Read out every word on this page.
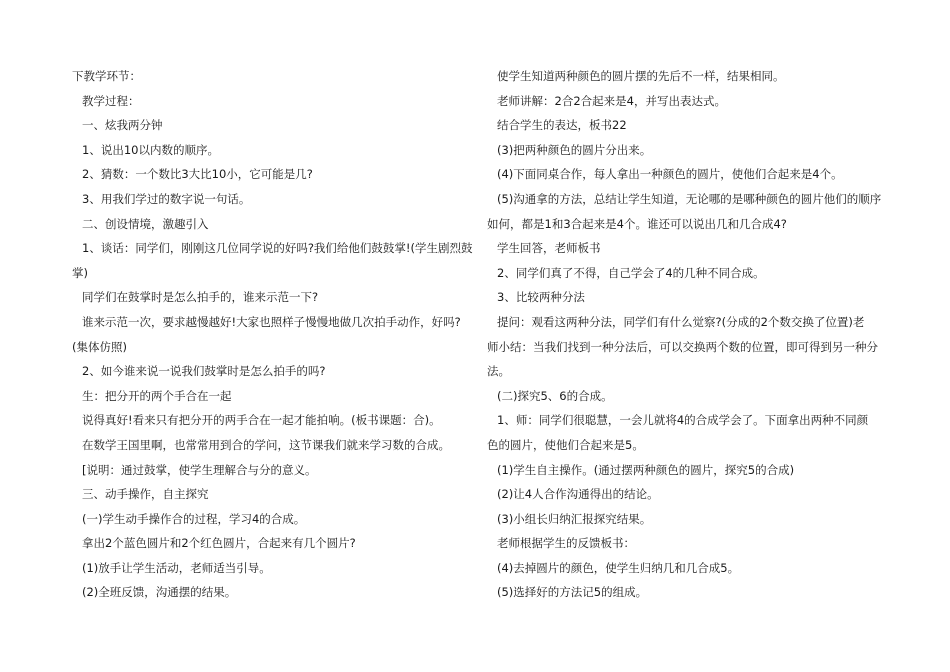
下教学环节：
教学过程：
一、炫我两分钟
1、说出10以内数的顺序。
2、猜数：一个数比3大比10小，它可能是几?
3、用我们学过的数字说一句话。
二、创设情境，激趣引入
1、谈话：同学们，刚刚这几位同学说的好吗?我们给他们鼓鼓掌!(学生剧烈鼓
掌)
同学们在鼓掌时是怎么拍手的，谁来示范一下?
谁来示范一次，要求越慢越好!大家也照样子慢慢地做几次拍手动作，好吗?
(集体仿照)
2、如今谁来说一说我们鼓掌时是怎么拍手的吗?
生：把分开的两个手合在一起
说得真好!看来只有把分开的两手合在一起才能拍响。(板书课题：合)。
在数学王国里啊，也常常用到合的学问，这节课我们就来学习数的合成。
[说明：通过鼓掌，使学生理解合与分的意义。
三、动手操作，自主探究
(一)学生动手操作合的过程，学习4的合成。
拿出2个蓝色圆片和2个红色圆片，合起来有几个圆片?
(1)放手让学生活动，老师适当引导。
(2)全班反馈，沟通摆的结果。
使学生知道两种颜色的圆片摆的先后不一样，结果相同。
老师讲解：2合2合起来是4，并写出表达式。
结合学生的表达，板书22
(3)把两种颜色的圆片分出来。
(4)下面同桌合作，每人拿出一种颜色的圆片，使他们合起来是4个。
(5)沟通拿的方法，总结让学生知道，无论哪的是哪种颜色的圆片他们的顺序
如何，都是1和3合起来是4个。谁还可以说出几和几合成4?
学生回答，老师板书
2、同学们真了不得，自己学会了4的几种不同合成。
3、比较两种分法
提问：观看这两种分法，同学们有什么觉察?(分成的2个数交换了位置)老
师小结：当我们找到一种分法后，可以交换两个数的位置，即可得到另一种分
法。
(二)探究5、6的合成。
1、师：同学们很聪慧，一会儿就将4的合成学会了。下面拿出两种不同颜
色的圆片，使他们合起来是5。
(1)学生自主操作。(通过摆两种颜色的圆片，探究5的合成)
(2)让4人合作沟通得出的结论。
(3)小组长归纳汇报探究结果。
老师根据学生的反馈板书：
(4)去掉圆片的颜色，使学生归纳几和几合成5。
(5)选择好的方法记5的组成。
